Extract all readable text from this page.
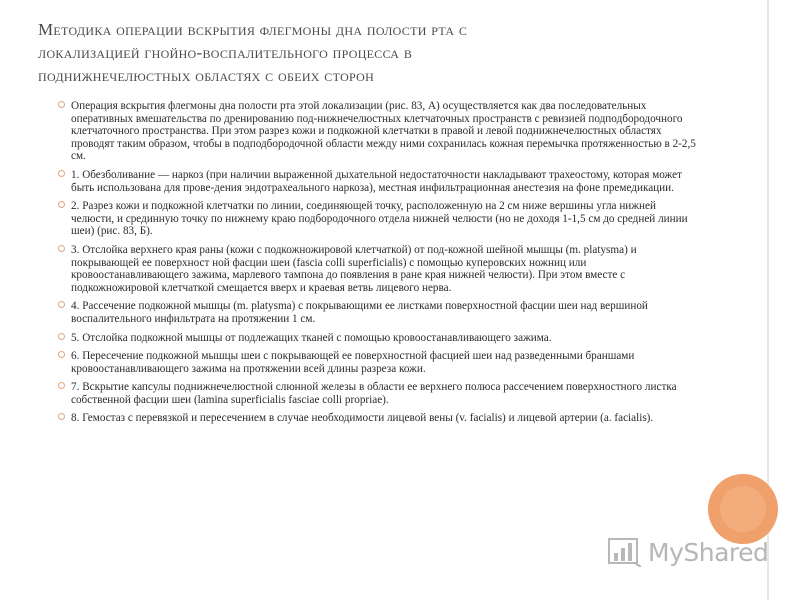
Методика операции вскрытия флегмоны дна полости рта с
локализацией гнойно-воспалительного процесса в
поднижнечелюстных областях с обеих сторон
Операция вскрытия флегмоны дна полости рта этой локализации (рис. 83, А) осуществляется как два последовательных оперативных вмешательства по дренированию под-нижнечелюстных клетчаточных пространств с ревизией подподбородочного клетчаточного пространства. При этом разрез кожи и подкожной клетчатки в правой и левой поднижнечелюстных областях проводят таким образом, чтобы в подподбородочной области между ними сохранилась кожная перемычка протяженностью в 2-2,5 см.
1. Обезболивание — наркоз (при наличии выраженной дыхательной недостаточности накладывают трахеостому, которая может быть использована для прове-дения эндотрахеального наркоза), местная инфильтрационная анестезия на фоне премедикации.
2. Разрез кожи и подкожной клетчатки по линии, соединяющей точку, расположенную на 2 см ниже вершины угла нижней челюсти, и срединную точку по нижнему краю подбородочного отдела нижней челюсти (но не доходя 1-1,5 см до средней линии шеи) (рис. 83, Б).
3. Отслойка верхнего края раны (кожи с подкожножировой клетчаткой) от под-кожной шейной мышцы (m. platysma) и покрывающей ее поверхност ной фасции шеи (fascia colli superficialis) с помощью куперовских ножниц или кровоостанавливающего зажима, марлевого тампона до появления в ране края нижней челюсти). При этом вместе с подкожножировой клетчаткой смещается вверх и краевая ветвь лицевого нерва.
4. Рассечение подкожной мышцы (m. platysma) с покрывающими ее листками поверхностной фасции шеи над вершиной воспалительного инфильтрата на протяжении 1 см.
5. Отслойка подкожной мышцы от подлежащих тканей с помощью кровоостанавливающего зажима.
6. Пересечение подкожной мышцы шеи с покрывающей ее поверхностной фасцией шеи над разведенными браншами кровоостанавливающего зажима на протяжении всей длины разреза кожи.
7. Вскрытие капсулы поднижнечелюстной слюнной железы в области ее верхнего полюса рассечением поверхностного листка собственной фасции шеи (lamina superficialis fasciae colli propriae).
8. Гемостаз с перевязкой и пересечением в случае необходимости лицевой вены (v. facialis) и лицевой артерии (a. facialis).
MyShared
